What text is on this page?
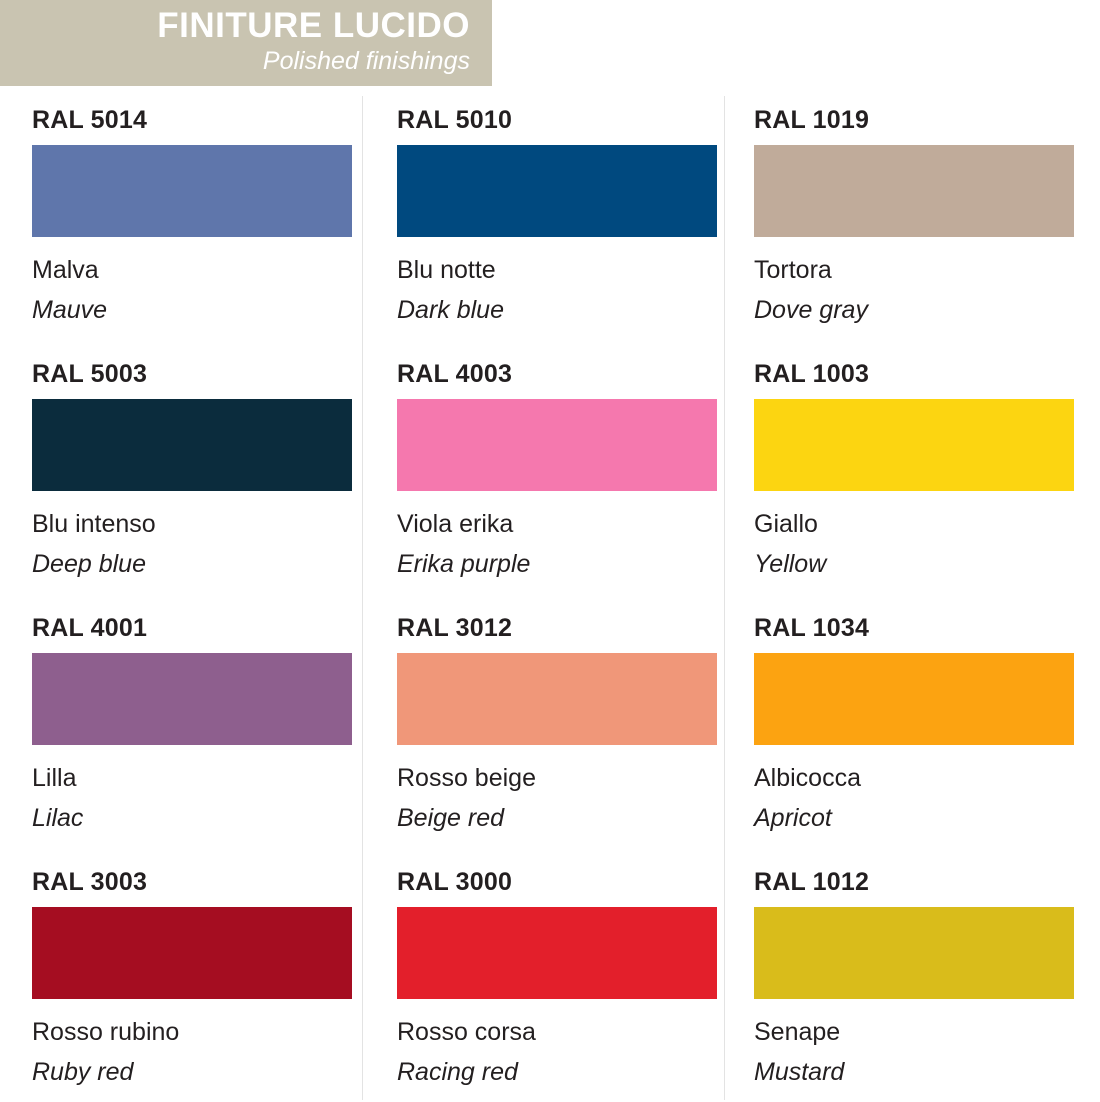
FINITURE LUCIDO
Polished finishings
RAL 5014
Malva
Mauve
RAL 5010
Blu notte
Dark blue
RAL 1019
Tortora
Dove gray
RAL 5003
Blu intenso
Deep blue
RAL 4003
Viola erika
Erika purple
RAL 1003
Giallo
Yellow
RAL 4001
Lilla
Lilac
RAL 3012
Rosso beige
Beige red
RAL 1034
Albicocca
Apricot
RAL 3003
Rosso rubino
Ruby red
RAL 3000
Rosso corsa
Racing red
RAL 1012
Senape
Mustard
